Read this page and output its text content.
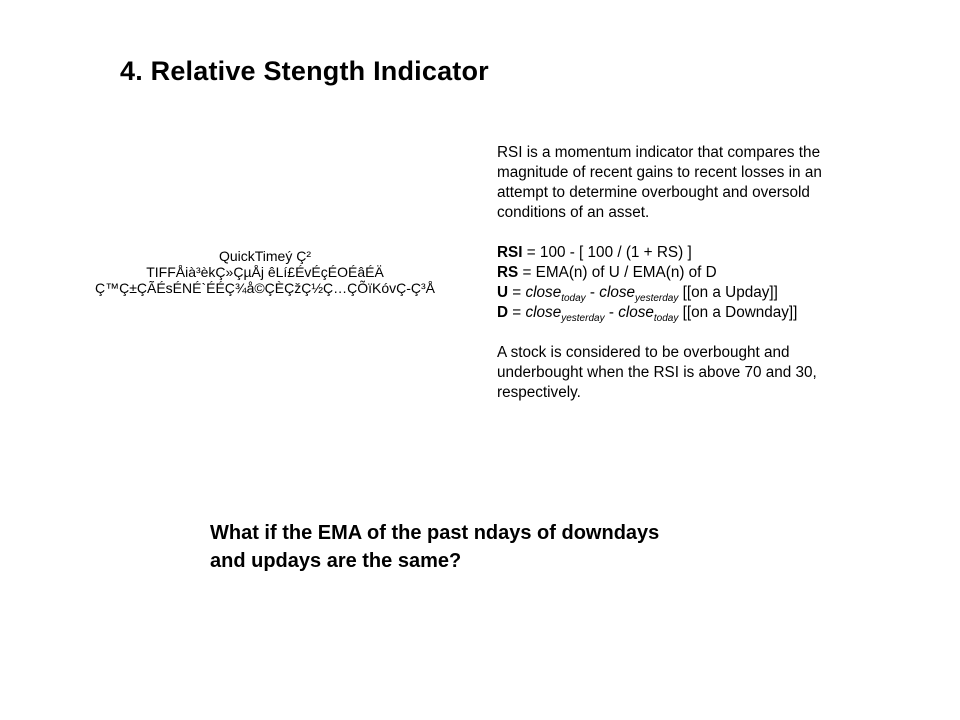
4. Relative Stength Indicator
QuickTimeý Ç²
TIFFÅià³èkÇ»ÇµÅj êLí£ÉvÉçÉOÉâÉÄ
Ç™Ç±ÇÃÉsÉNÉ`ÉÉÇ¾å©ÇÈÇžÇ½Ç…ÇÕïKóvÇ-Ç³Å

RSI is a momentum indicator that compares the

magnitude of recent gains to recent losses in an

attempt to determine overbought and oversold

conditions of an asset.

RSI = 100 - [ 100 / (1 + RS) ]

RS = EMA(n) of U / EMA(n) of D

U = close$_{today}$ - close$_{yesterday}$ [[on a Upday]]

D = close$_{yesterday}$ - close$_{today}$ [[on a Downday]]

A stock is considered to be overbought and

underbought when the RSI is above 70 and 30,

respectively.

What if the EMA of the past ndays of downdays
and updays are the same?
